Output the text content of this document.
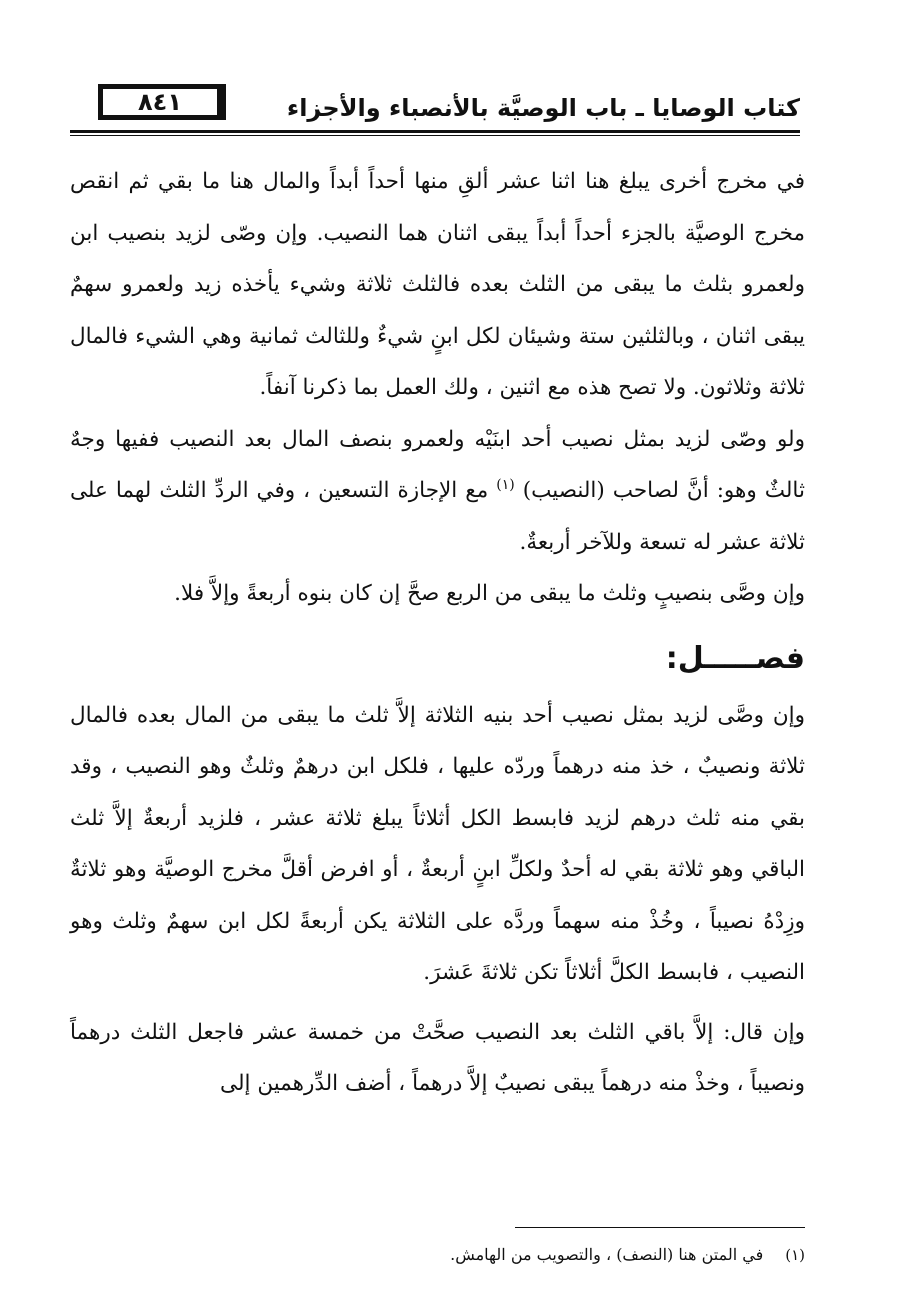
٨٤١	كتاب الوصايا ـ باب الوصيَّة بالأنصباء والأجزاء

في مخرج أخرى يبلغ هنا اثنا عشر ألقِ منها أحداً أبداً والمال هنا ما بقي ثم انقص مخرج الوصيَّة بالجزء أحداً أبداً يبقى اثنان هما النصيب. وإن وصّى لزيد بنصيب ابن ولعمرو بثلث ما يبقى من الثلث بعده فالثلث ثلاثة وشيء يأخذه زيد ولعمرو سهمٌ يبقى اثنان ، وبالثلثين ستة وشيئان لكل ابنٍ شيءٌ وللثالث ثمانية وهي الشيء فالمال ثلاثة وثلاثون. ولا تصح هذه مع اثنين ، ولك العمل بما ذكرنا آنفاً.

ولو وصّى لزيد بمثل نصيب أحد ابنَيْه ولعمرو بنصف المال بعد النصيب ففيها وجهٌ ثالثٌ وهو: أنَّ لصاحب (النصيب) $^{(١)}$ مع الإجازة التسعين ، وفي الردِّ الثلث لهما على ثلاثة عشر له تسعة وللآخر أربعةٌ.

وإن وصَّى بنصيبٍ وثلث ما يبقى من الربع صحَّ إن كان بنوه أربعةً وإلاَّ فلا.

فصـــــل:

وإن وصَّى لزيد بمثل نصيب أحد بنيه الثلاثة إلاَّ ثلث ما يبقى من المال بعده فالمال ثلاثة ونصيبٌ ، خذ منه درهماً وردّه عليها ، فلكل ابن درهمٌ وثلثٌ وهو النصيب ، وقد بقي منه ثلث درهم لزيد فابسط الكل أثلاثاً يبلغ ثلاثة عشر ، فلزيد أربعةٌ إلاَّ ثلث الباقي وهو ثلاثة بقي له أحدٌ ولكلِّ ابنٍ أربعةٌ ، أو افرض أقلَّ مخرج الوصيَّة وهو ثلاثةٌ وزِدْهُ نصيباً ، وخُذْ منه سهماً وردَّه على الثلاثة يكن أربعةً لكل ابن سهمٌ وثلث وهو النصيب ، فابسط الكلَّ أثلاثاً تكن ثلاثةَ عَشرَ.

وإن قال: إلاَّ باقي الثلث بعد النصيب صحَّتْ من خمسة عشر فاجعل الثلث درهماً ونصيباً ، وخذْ منه درهماً يبقى نصيبٌ إلاَّ درهماً ، أضف الدِّرهمين إلى

(١)في المتن هنا (النصف) ، والتصويب من الهامش.
